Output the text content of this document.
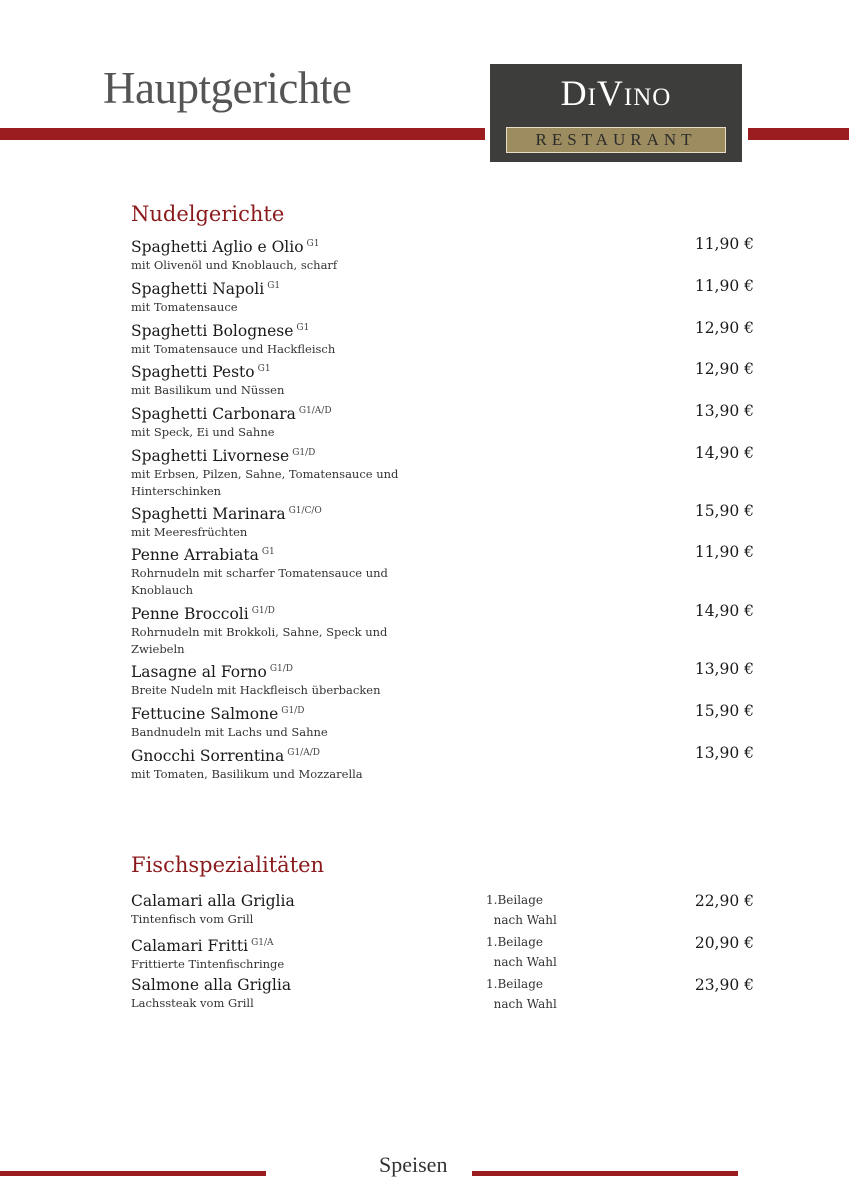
Hauptgerichte	DiVino
RESTAURANT
Nudelgerichte
Spaghetti Aglio e Olio $^{G1}$
mit Olivenöl und Knoblauch, scharf
11,90 €
Spaghetti Napoli $^{G1}$
mit Tomatensauce
11,90 €
Spaghetti Bolognese $^{G1}$
mit Tomatensauce und Hackfleisch
12,90 €
Spaghetti Pesto $^{G1}$
mit Basilikum und Nüssen
12,90 €
Spaghetti Carbonara $^{G1/A/D}$
mit Speck, Ei und Sahne
13,90 €
Spaghetti Livornese $^{G1/D}$
mit Erbsen, Pilzen, Sahne, Tomatensauce und Hinterschinken
14,90 €
Spaghetti Marinara $^{G1/C/O}$
mit Meeresfrüchten
15,90 €
Penne Arrabiata $^{G1}$
Rohrnudeln mit scharfer Tomatensauce und Knoblauch
11,90 €
Penne Broccoli $^{G1/D}$
Rohrnudeln mit Brokkoli, Sahne, Speck und Zwiebeln
14,90 €
Lasagne al Forno $^{G1/D}$
Breite Nudeln mit Hackfleisch überbacken
13,90 €
Fettucine Salmone $^{G1/D}$
Bandnudeln mit Lachs und Sahne
15,90 €
Gnocchi Sorrentina $^{G1/A/D}$
mit Tomaten, Basilikum und Mozzarella
13,90 €
Fischspezialitäten
Calamari alla Griglia
Tintenfisch vom Grill
1.Beilage
nach Wahl
22,90 €
Calamari Fritti $^{G1/A}$
Frittierte Tintenfischringe
1.Beilage
nach Wahl
20,90 €
Salmone alla Griglia
Lachssteak vom Grill
1.Beilage
nach Wahl
23,90 €
Speisen
